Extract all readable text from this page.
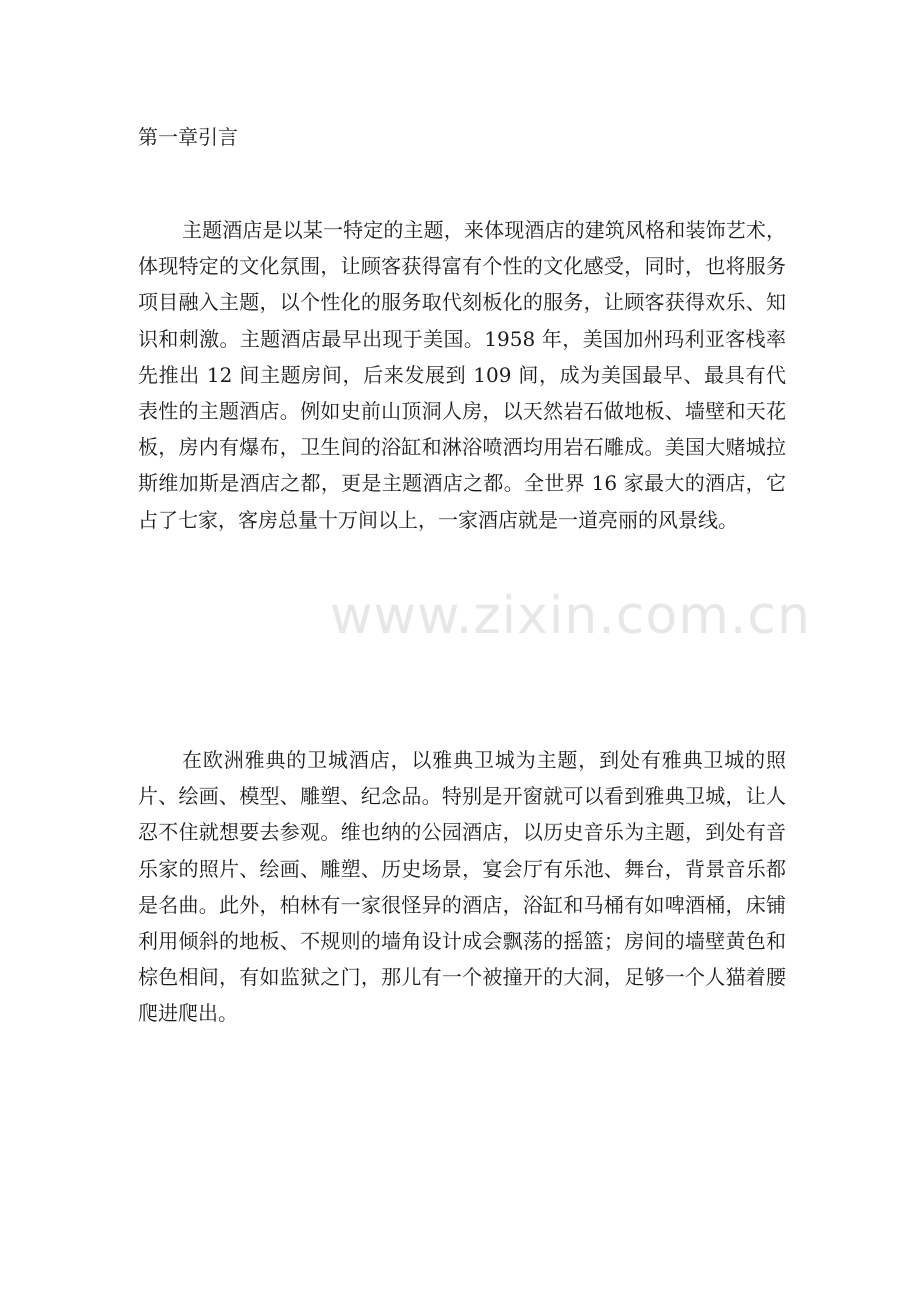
第一章引言

主题酒店是以某一特定的主题，来体现酒店的建筑风格和装饰艺术，体现特定的文化氛围，让顾客获得富有个性的文化感受，同时，也将服务项目融入主题，以个性化的服务取代刻板化的服务，让顾客获得欢乐、知识和刺激。主题酒店最早出现于美国。1958 年，美国加州玛利亚客栈率先推出 12 间主题房间，后来发展到 109 间，成为美国最早、最具有代表性的主题酒店。例如史前山顶洞人房，以天然岩石做地板、墙壁和天花板，房内有爆布，卫生间的浴缸和淋浴喷洒均用岩石雕成。美国大赌城拉斯维加斯是酒店之都，更是主题酒店之都。全世界 16 家最大的酒店，它占了七家，客房总量十万间以上，一家酒店就是一道亮丽的风景线。

在欧洲雅典的卫城酒店，以雅典卫城为主题，到处有雅典卫城的照片、绘画、模型、雕塑、纪念品。特别是开窗就可以看到雅典卫城，让人忍不住就想要去参观。维也纳的公园酒店，以历史音乐为主题，到处有音乐家的照片、绘画、雕塑、历史场景，宴会厅有乐池、舞台，背景音乐都是名曲。此外，柏林有一家很怪异的酒店，浴缸和马桶有如啤酒桶，床铺利用倾斜的地板、不规则的墙角设计成会飘荡的摇篮；房间的墙壁黄色和棕色相间，有如监狱之门，那儿有一个被撞开的大洞，足够一个人猫着腰爬进爬出。

www.zixin.com.cn
